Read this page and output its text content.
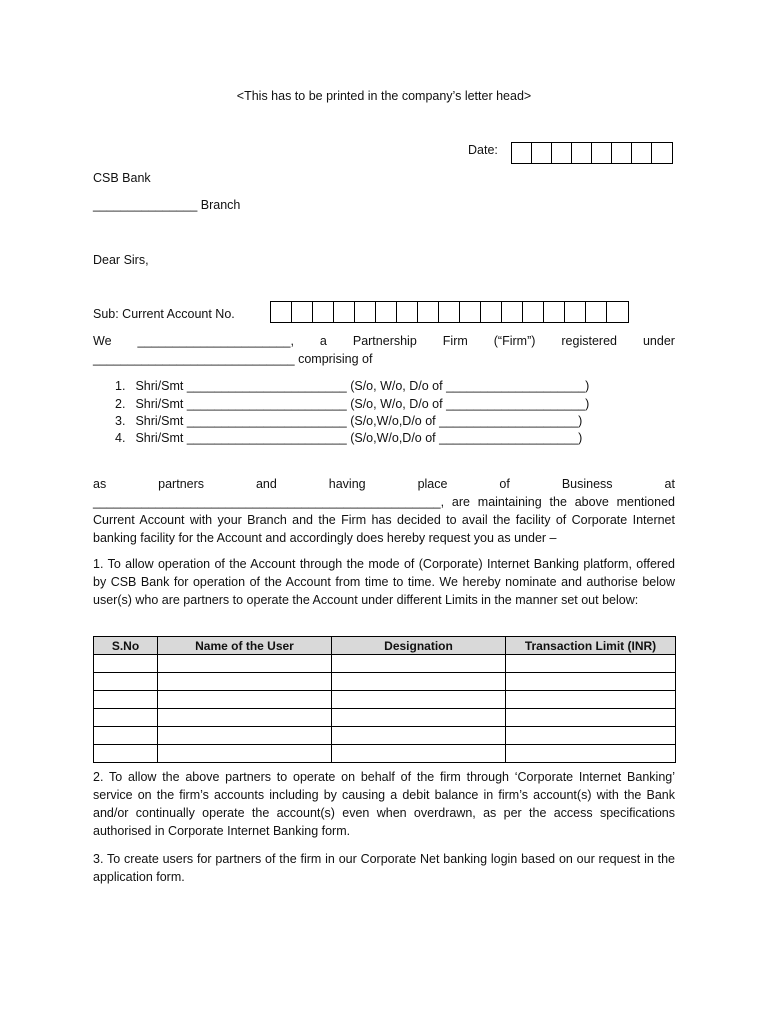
<This has to be printed in the company’s letter head>
Date:
CSB Bank
_______________ Branch
Dear Sirs,
Sub: Current Account No.
We ______________________, a Partnership Firm (“Firm”) registered under
_____________________________ comprising of
1. Shri/Smt _______________________ (S/o, W/o, D/o of ____________________)
2. Shri/Smt _______________________ (S/o, W/o, D/o of ____________________)
3. Shri/Smt _______________________ (S/o,W/o,D/o of ____________________)
4. Shri/Smt _______________________ (S/o,W/o,D/o of ____________________)
as	partners	and	having	place	of	Business	at
__________________________________________________, are maintaining the above mentioned Current Account with your Branch and the Firm has decided to avail the facility of Corporate Internet banking facility for the Account and accordingly does hereby request you as under –
1. To allow operation of the Account through the mode of (Corporate) Internet Banking platform, offered by CSB Bank for operation of the Account from time to time. We hereby nominate and authorise below user(s) who are partners to operate the Account under different Limits in the manner set out below:
S.No	Name of the User	Designation	Transaction Limit (INR)

2. To allow the above partners to operate on behalf of the firm through ‘Corporate Internet Banking’ service on the firm’s accounts including by causing a debit balance in firm’s account(s) with the Bank and/or continually operate the account(s) even when overdrawn, as per the access specifications authorised in Corporate Internet Banking form.
3. To create users for partners of the firm in our Corporate Net banking login based on our request in the application form.
